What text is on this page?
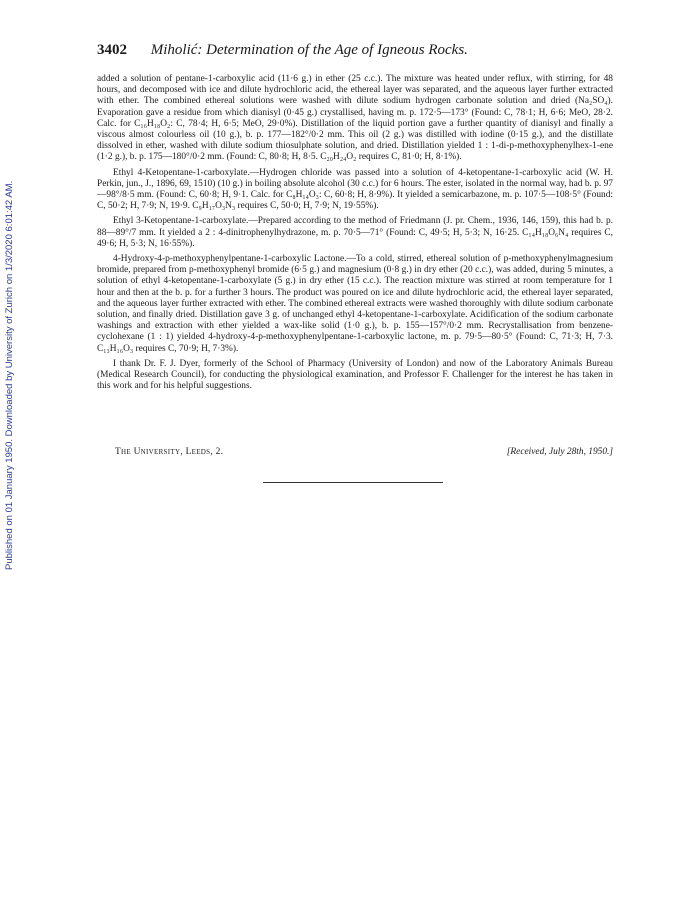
Published on 01 January 1950. Downloaded by University of Zurich on 1/3/2020 6:01:42 AM.
3402 Miholić: Determination of the Age of Igneous Rocks.

added a solution of pentane-1-carboxylic acid (11·6 g.) in ether (25 c.c.). The mixture was heated under reflux, with stirring, for 48 hours, and decomposed with ice and dilute hydrochloric acid, the ethereal layer was separated, and the aqueous layer further extracted with ether. The combined ethereal solutions were washed with dilute sodium hydrogen carbonate solution and dried (Na₂SO₄). Evaporation gave a residue from which dianisyl (0·45 g.) crystallised, having m. p. 172·5—173° (Found: C, 78·1; H, 6·6; MeO, 28·2. Calc. for C₁₆H₁₈O₂: C, 78·4; H, 6·5; MeO, 29·0%). Distillation of the liquid portion gave a further quantity of dianisyl and finally a viscous almost colourless oil (10 g.), b. p. 177—182°/0·2 mm. This oil (2 g.) was distilled with iodine (0·15 g.), and the distillate dissolved in ether, washed with dilute sodium thiosulphate solution, and dried. Distillation yielded 1 : 1-di-p-methoxyphenylhex-1-ene (1·2 g.), b. p. 175—180°/0·2 mm. (Found: C, 80·8; H, 8·5. C₂₀H₂₄O₂ requires C, 81·0; H, 8·1%).

Ethyl 4-Ketopentane-1-carboxylate.—Hydrogen chloride was passed into a solution of 4-ketopentane-1-carboxylic acid (W. H. Perkin, jun., J., 1896, 69, 1510) (10 g.) in boiling absolute alcohol (30 c.c.) for 6 hours. The ester, isolated in the normal way, had b. p. 97—98°/8·5 mm. (Found: C, 60·8; H, 9·1. Calc. for C₈H₁₄O₃: C, 60·8; H, 8·9%). It yielded a semicarbazone, m. p. 107·5—108·5° (Found: C, 50·2; H, 7·9; N, 19·9. C₉H₁₇O₃N₃ requires C, 50·0; H, 7·9; N, 19·55%).

Ethyl 3-Ketopentane-1-carboxylate.—Prepared according to the method of Friedmann (J. pr. Chem., 1936, 146, 159), this had b. p. 88—89°/7 mm. It yielded a 2 : 4-dinitrophenylhydrazone, m. p. 70·5—71° (Found: C, 49·5; H, 5·3; N, 16·25. C₁₄H₁₈O₆N₄ requires C, 49·6; H, 5·3; N, 16·55%).

4-Hydroxy-4-p-methoxyphenylpentane-1-carboxylic Lactone.—To a cold, stirred, ethereal solution of p-methoxyphenylmagnesium bromide, prepared from p-methoxyphenyl bromide (6·5 g.) and magnesium (0·8 g.) in dry ether (20 c.c.), was added, during 5 minutes, a solution of ethyl 4-ketopentane-1-carboxylate (5 g.) in dry ether (15 c.c.). The reaction mixture was stirred at room temperature for 1 hour and then at the b. p. for a further 3 hours. The product was poured on ice and dilute hydrochloric acid, the ethereal layer separated, and the aqueous layer further extracted with ether. The combined ethereal extracts were washed thoroughly with dilute sodium carbonate solution, and finally dried. Distillation gave 3 g. of unchanged ethyl 4-ketopentane-1-carboxylate. Acidification of the sodium carbonate washings and extraction with ether yielded a wax-like solid (1·0 g.), b. p. 155—157°/0·2 mm. Recrystallisation from benzene-cyclohexane (1 : 1) yielded 4-hydroxy-4-p-methoxyphenylpentane-1-carboxylic lactone, m. p. 79·5—80·5° (Found: C, 71·3; H, 7·3. C₁₃H₁₆O₃ requires C, 70·9; H, 7·3%).

I thank Dr. F. J. Dyer, formerly of the School of Pharmacy (University of London) and now of the Laboratory Animals Bureau (Medical Research Council), for conducting the physiological examination, and Professor F. Challenger for the interest he has taken in this work and for his helpful suggestions.

The University, Leeds, 2.	[Received, July 28th, 1950.]
